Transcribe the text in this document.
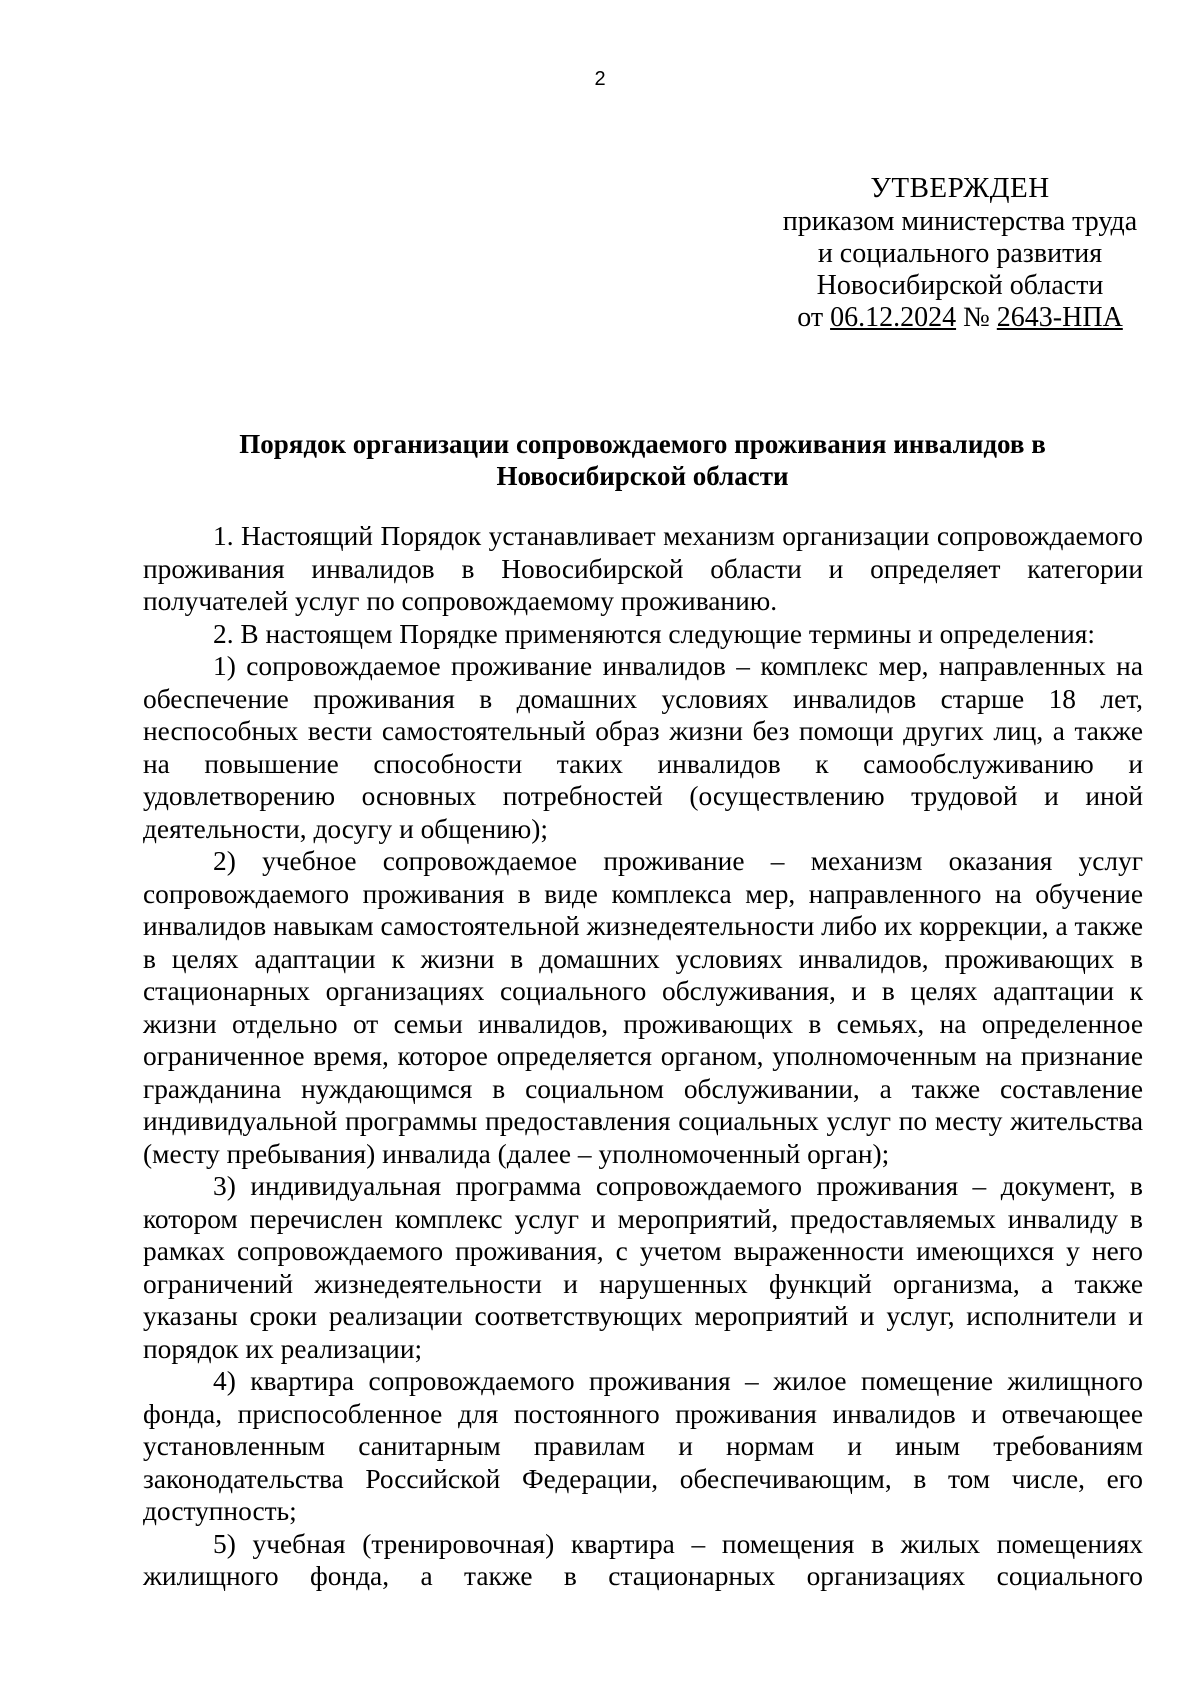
2
УТВЕРЖДЕН
приказом министерства труда
и социального развития
Новосибирской области
от 06.12.2024 № 2643-НПА
Порядок организации сопровождаемого проживания инвалидов в
Новосибирской области

1. Настоящий Порядок устанавливает механизм организации сопровождаемого проживания инвалидов в Новосибирской области и определяет категории получателей услуг по сопровождаемому проживанию.

2. В настоящем Порядке применяются следующие термины и определения:

1) сопровождаемое проживание инвалидов – комплекс мер, направленных на обеспечение проживания в домашних условиях инвалидов старше 18 лет, неспособных вести самостоятельный образ жизни без помощи других лиц, а также на повышение способности таких инвалидов к самообслуживанию и удовлетворению основных потребностей (осуществлению трудовой и иной деятельности, досугу и общению);

2) учебное сопровождаемое проживание – механизм оказания услуг сопровождаемого проживания в виде комплекса мер, направленного на обучение инвалидов навыкам самостоятельной жизнедеятельности либо их коррекции, а также в целях адаптации к жизни в домашних условиях инвалидов, проживающих в стационарных организациях социального обслуживания, и в целях адаптации к жизни отдельно от семьи инвалидов, проживающих в семьях, на определенное ограниченное время, которое определяется органом, уполномоченным на признание гражданина нуждающимся в социальном обслуживании, а также составление индивидуальной программы предоставления социальных услуг по месту жительства (месту пребывания) инвалида (далее – уполномоченный орган);

3) индивидуальная программа сопровождаемого проживания – документ, в котором перечислен комплекс услуг и мероприятий, предоставляемых инвалиду в рамках сопровождаемого проживания, с учетом выраженности имеющихся у него ограничений жизнедеятельности и нарушенных функций организма, а также указаны сроки реализации соответствующих мероприятий и услуг, исполнители и порядок их реализации;

4) квартира сопровождаемого проживания – жилое помещение жилищного фонда, приспособленное для постоянного проживания инвалидов и отвечающее установленным санитарным правилам и нормам и иным требованиям законодательства Российской Федерации, обеспечивающим, в том числе, его доступность;

5) учебная (тренировочная) квартира – помещения в жилых помещениях жилищного фонда, а также в стационарных организациях социального
